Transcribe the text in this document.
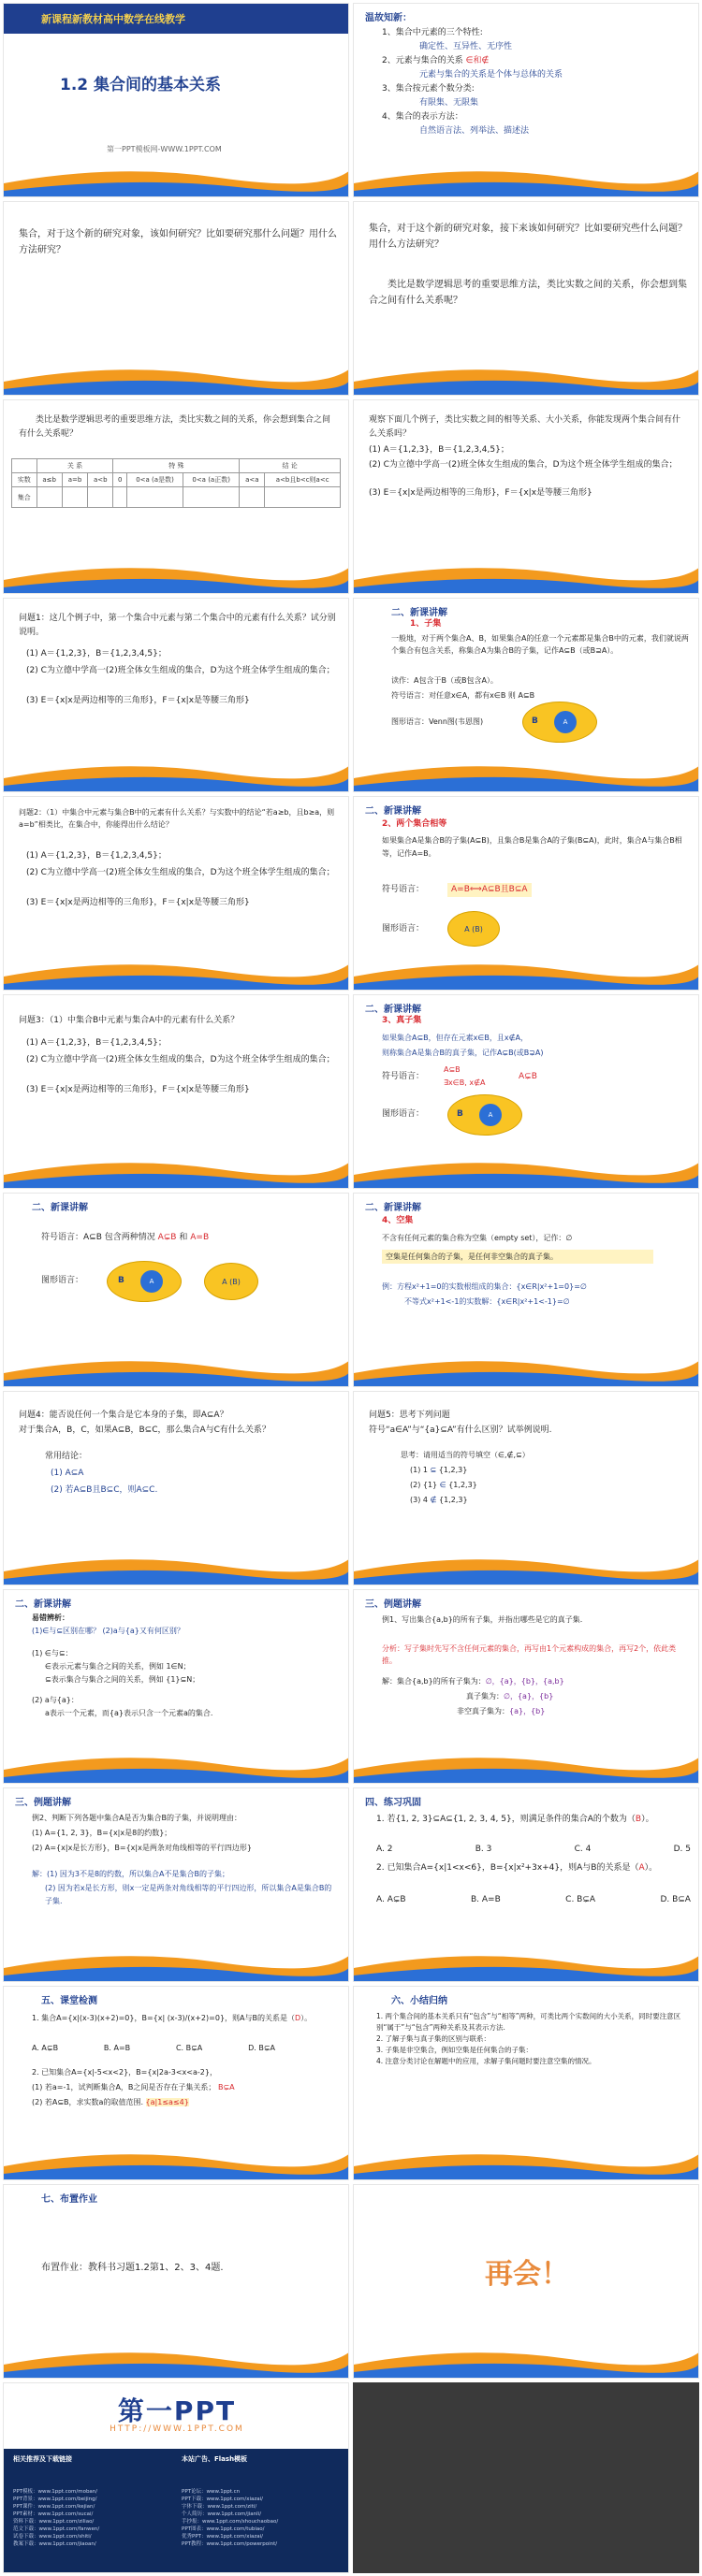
新课程新教材高中数学在线教学
1.2 集合间的基本关系
第一PPT模板网-WWW.1PPT.COM
温故知新：
1、集合中元素的三个特性:
确定性、互异性、无序性
2、元素与集合的关系 ∈和∉
元素与集合的关系是个体与总体的关系
3、集合按元素个数分类:
有限集、无限集
4、集合的表示方法：
自然语言法、列举法、描述法
集合，对于这个新的研究对象，该如何研究？比如要研究那什么问题？用什么方法研究？
集合，对于这个新的研究对象，接下来该如何研究？比如要研究些什么问题？用什么方法研究？
类比是数学逻辑思考的重要思维方法，类比实数之间的关系，你会想到集合之间有什么关系呢？
类比是数学逻辑思考的重要思维方法，类比实数之间的关系，你会想到集合之间有什么关系呢？
	关 系			特 殊			结 论	
实数	a≤b	a=b	a<b	0	0<a (a是数)	0<a (a正数)	a<a	a<b且b<c则a<c
集合								
观察下面几个例子，类比实数之间的相等关系、大小关系，你能发现两个集合间有什么关系吗？
(1) A＝{1,2,3}，B＝{1,2,3,4,5}；
(2) C为立德中学高一(2)班全体女生组成的集合，D为这个班全体学生组成的集合；
(3) E＝{x|x是两边相等的三角形}，F＝{x|x是等腰三角形}
问题1：这几个例子中，第一个集合中元素与第二个集合中的元素有什么关系？试分别说明。
(1) A＝{1,2,3}，B＝{1,2,3,4,5}；
(2) C为立德中学高一(2)班全体女生组成的集合，D为这个班全体学生组成的集合；
(3) E＝{x|x是两边相等的三角形}，F＝{x|x是等腰三角形}
二、新课讲解
1、子集
一般地，对于两个集合A、B，如果集合A的任意一个元素都是集合B中的元素，我们就说两个集合有包含关系，称集合A为集合B的子集，记作A⊆B（或B⊇A）。
读作：A包含于B（或B包含A）。
符号语言：对任意x∈A，都有x∈B 则 A⊆B
图形语言：Venn图(韦恩图)	B	A
问题2：（1）中集合中元素与集合B中的元素有什么关系？与实数中的结论“若a≥b，且b≥a，则a=b”相类比，在集合中，你能得出什么结论？
(1) A＝{1,2,3}，B＝{1,2,3,4,5}；
(2) C为立德中学高一(2)班全体女生组成的集合，D为这个班全体学生组成的集合；
(3) E＝{x|x是两边相等的三角形}，F＝{x|x是等腰三角形}
二、新课讲解
2、两个集合相等
如果集合A是集合B的子集(A⊆B)，且集合B是集合A的子集(B⊆A)，此时，集合A与集合B相等，记作A=B。
符号语言：	A=B⟺A⊆B且B⊆A
图形语言：	A (B)
问题3：（1）中集合B中元素与集合A中的元素有什么关系？
(1) A＝{1,2,3}，B＝{1,2,3,4,5}；
(2) C为立德中学高一(2)班全体女生组成的集合，D为这个班全体学生组成的集合；
(3) E＝{x|x是两边相等的三角形}，F＝{x|x是等腰三角形}
二、新课讲解
3、真子集
如果集合A⊆B，但存在元素x∈B，且x∉A，
则称集合A是集合B的真子集，记作A⊊B(或B⊋A)
符号语言：
A⊆B
∃x∈B, x∉A
A⊊B
图形语言：	B	A
二、新课讲解
符号语言：A⊆B 包含两种情况 A⊊B 和 A=B
图形语言：	B	A	A (B)
二、新课讲解
4、空集
不含有任何元素的集合称为空集（empty set），记作：∅
空集是任何集合的子集，是任何非空集合的真子集。
例：方程x²+1=0的实数根组成的集合：{x∈R|x²+1=0}=∅
不等式x²+1<-1的实数解：{x∈R|x²+1<-1}=∅
问题4：能否说任何一个集合是它本身的子集，即A⊆A？
对于集合A，B，C，如果A⊆B，B⊆C，那么集合A与C有什么关系？
常用结论：
(1) A⊆A
(2) 若A⊆B且B⊆C，则A⊆C.
问题5：思考下列问题
符号“a∈A”与“{a}⊆A”有什么区别？试举例说明.
思考：请用适当的符号填空（∈,∉,⊆）
(1) 1 ⊆ {1,2,3}
(2) {1} ∈ {1,2,3}
(3) 4 ∉ {1,2,3}
二、新课讲解
易错辨析：
(1)∈与⊆区别在哪？ (2)a与{a}又有何区别？
(1) ∈与⊆：
∈表示元素与集合之间的关系，例如 1∈N；
⊆表示集合与集合之间的关系，例如 {1}⊆N；
(2) a与{a}：
a表示一个元素，而{a}表示只含一个元素a的集合.
三、例题讲解
例1、写出集合{a,b}的所有子集，并指出哪些是它的真子集.
分析：写子集时先写不含任何元素的集合，再写由1个元素构成的集合，再写2个，依此类推。
解：集合{a,b}的所有子集为：∅，{a}，{b}，{a,b}
真子集为：∅，{a}，{b}
非空真子集为：{a}，{b}
三、例题讲解
例2、判断下列各题中集合A是否为集合B的子集，并说明理由：
(1) A={1, 2, 3}，B={x|x是8的约数}；
(2) A={x|x是长方形}，B={x|x是两条对角线相等的平行四边形}
解：(1) 因为3不是8的约数，所以集合A不是集合B的子集；
(2) 因为若x是长方形，则x一定是两条对角线相等的平行四边形，所以集合A是集合B的子集.
四、练习巩固
1. 若{1, 2, 3}⊆A⊆{1, 2, 3, 4, 5}，则满足条件的集合A的个数为（B）。
A. 2	B. 3	C. 4	D. 5
2. 已知集合A={x|1<x<6}，B={x|x²+3x+4}，则A与B的关系是（A）。
A. A⊊B	B. A=B	C. B⊊A	D. B⊆A
五、课堂检测
1. 集合A={x|(x-3)(x+2)=0}，B={x| (x-3)/(x+2)=0}，则A与B的关系是（D）。
A. A⊊B	B. A=B	C. B⊊A	D. B⊊A
2. 已知集合A={x|-5<x<2}，B={x|2a-3<x<a-2}，
(1) 若a=-1，试判断集合A，B之间是否存在子集关系； B⊊A
(2) 若A⊆B，求实数a的取值范围. {a|1≤a≤4}
六、小结归纳
1. 两个集合间的基本关系只有“包含”与“相等”两种，可类比两个实数间的大小关系，同时要注意区别“属于”与“包含”两种关系及其表示方法.
2. 了解子集与真子集的区别与联系：
3. 子集是非空集合，例如空集是任何集合的子集：
4. 注意分类讨论在解题中的应用，求解子集问题时要注意空集的情况。
七、布置作业
布置作业：教科书习题1.2第1、2、3、4题.	再会！
第一PPT
HTTP://WWW.1PPT.COM
相关推荐及下载链接	本站广告、Flash模板
PPT模板：www.1ppt.com/moban/
PPT背景：www.1ppt.com/beijing/
PPT课件：www.1ppt.com/kejian/
PPT素材：www.1ppt.com/sucai/
资料下载：www.1ppt.com/ziliao/
范文下载：www.1ppt.com/fanwen/
试卷下载：www.1ppt.com/shiti/
教案下载：www.1ppt.com/jiaoan/
PPT论坛：www.1ppt.cn
PPT下载：www.1ppt.com/xiazai/
字体下载：www.1ppt.com/ziti/
个人简历：www.1ppt.com/jianli/
手抄报：www.1ppt.com/shouchaobao/
PPT图表：www.1ppt.com/tubiao/
优秀PPT：www.1ppt.com/xiazai/
PPT教程：www.1ppt.com/powerpoint/
